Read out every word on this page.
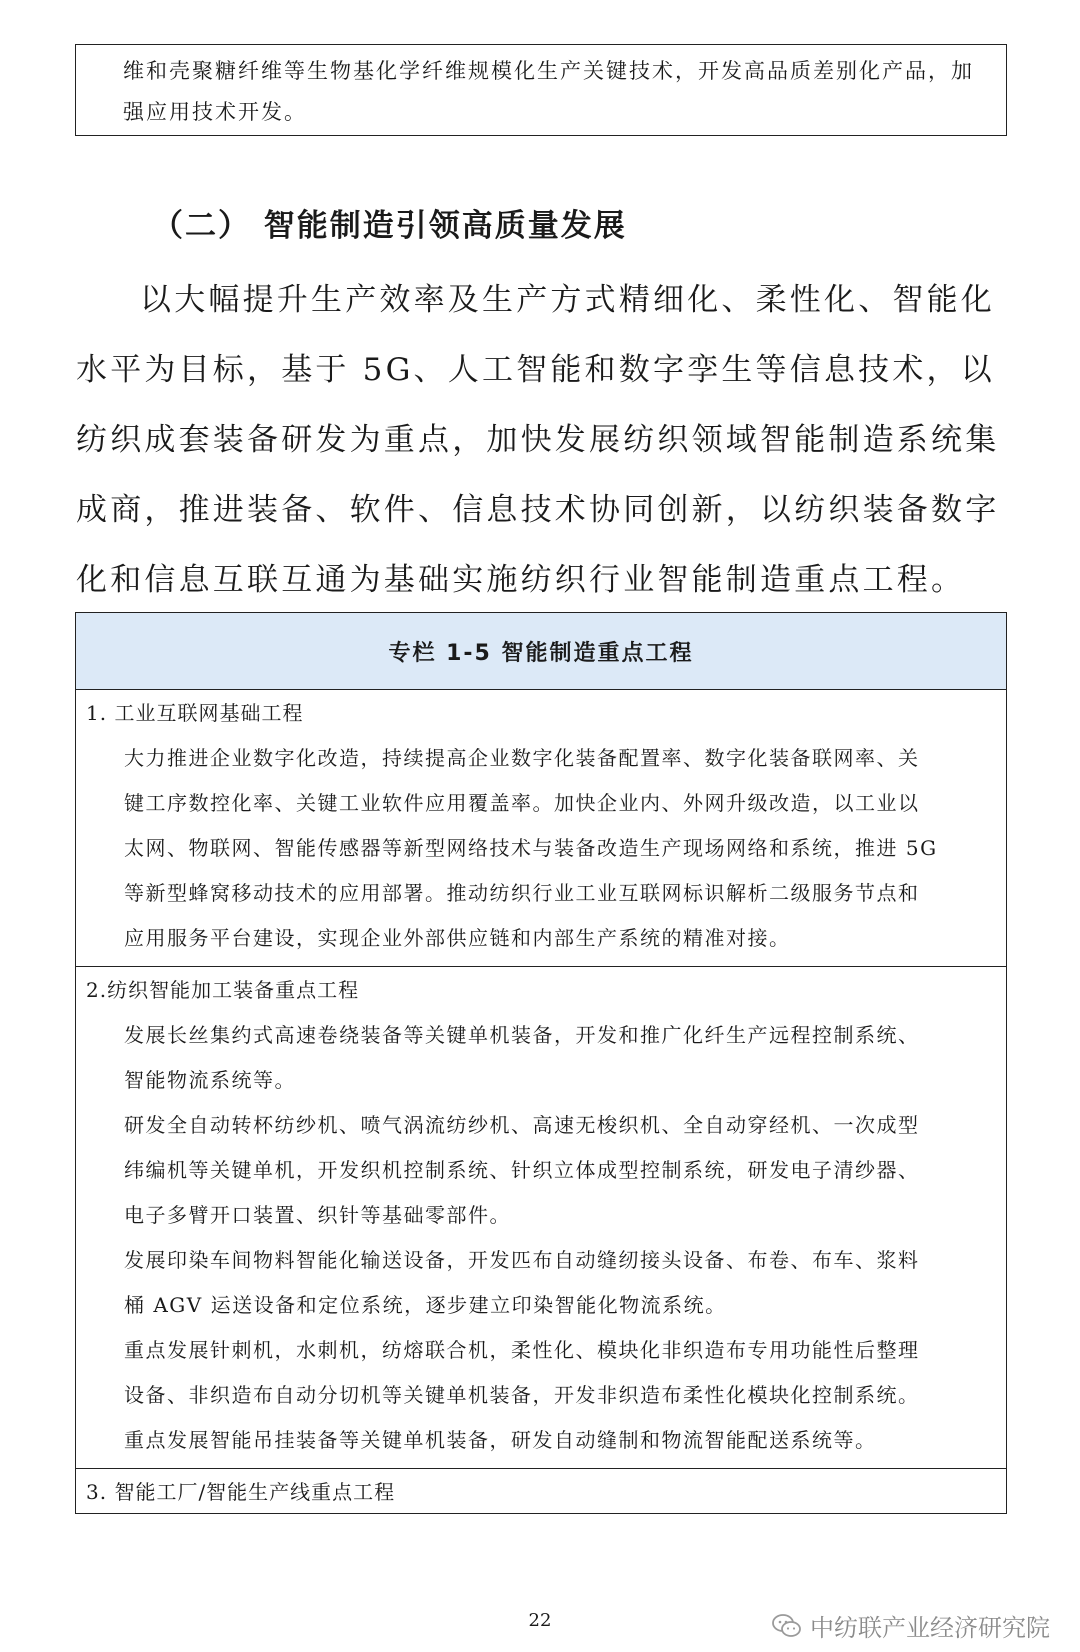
维和壳聚糖纤维等生物基化学纤维规模化生产关键技术，开发高品质差别化产品，加
强应用技术开发。
（二） 智能制造引领高质量发展
以大幅提升生产效率及生产方式精细化、柔性化、智能化水平为目标，基于 5G、人工智能和数字孪生等信息技术，以纺织成套装备研发为重点，加快发展纺织领域智能制造系统集成商，推进装备、软件、信息技术协同创新，以纺织装备数字化和信息互联互通为基础实施纺织行业智能制造重点工程。
专栏 1-5 智能制造重点工程
1. 工业互联网基础工程

大力推进企业数字化改造，持续提高企业数字化装备配置率、数字化装备联网率、关

键工序数控化率、关键工业软件应用覆盖率。加快企业内、外网升级改造，以工业以

太网、物联网、智能传感器等新型网络技术与装备改造生产现场网络和系统，推进 5G

等新型蜂窝移动技术的应用部署。推动纺织行业工业互联网标识解析二级服务节点和

应用服务平台建设，实现企业外部供应链和内部生产系统的精准对接。

2.纺织智能加工装备重点工程

发展长丝集约式高速卷绕装备等关键单机装备，开发和推广化纤生产远程控制系统、

智能物流系统等。

研发全自动转杯纺纱机、喷气涡流纺纱机、高速无梭织机、全自动穿经机、一次成型

纬编机等关键单机，开发织机控制系统、针织立体成型控制系统，研发电子清纱器、

电子多臂开口装置、织针等基础零部件。

发展印染车间物料智能化输送设备，开发匹布自动缝纫接头设备、布卷、布车、浆料

桶 AGV 运送设备和定位系统，逐步建立印染智能化物流系统。

重点发展针刺机，水刺机，纺熔联合机，柔性化、模块化非织造布专用功能性后整理

设备、非织造布自动分切机等关键单机装备，开发非织造布柔性化模块化控制系统。

重点发展智能吊挂装备等关键单机装备，研发自动缝制和物流智能配送系统等。

3. 智能工厂/智能生产线重点工程
22	中纺联产业经济研究院
